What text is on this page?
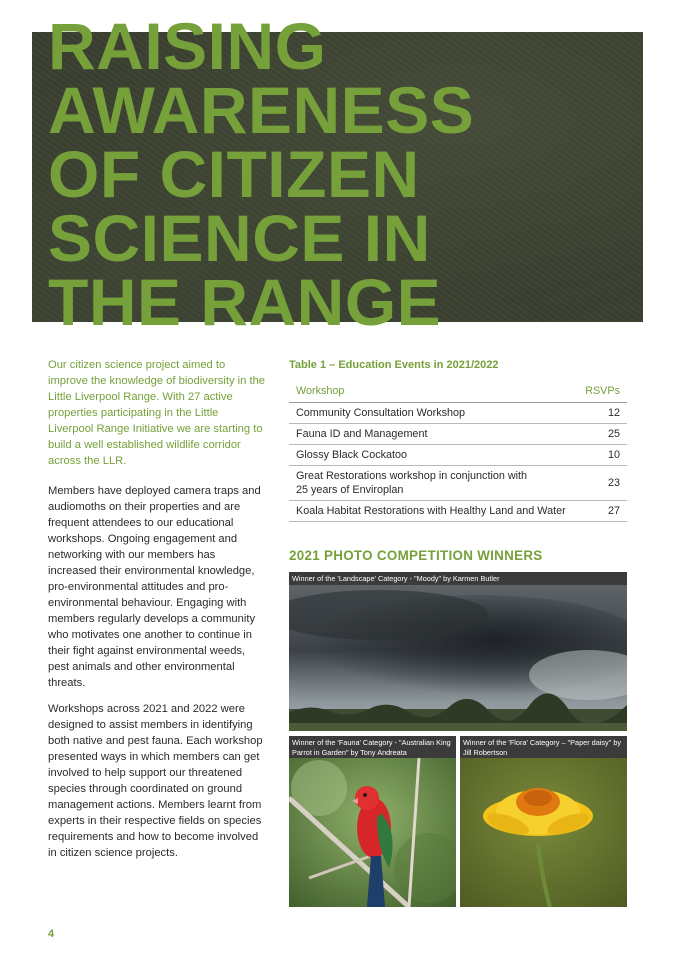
RAISING
AWARENESS
OF CITIZEN
SCIENCE IN
THE RANGE

Our citizen science project aimed to improve the knowledge of biodiversity in the Little Liverpool Range. With 27 active properties participating in the Little Liverpool Range Initiative we are starting to build a well established wildlife corridor across the LLR.

Members have deployed camera traps and audiomoths on their properties and are frequent attendees to our educational workshops. Ongoing engagement and networking with our members has increased their environmental knowledge, pro-environmental attitudes and pro-environmental behaviour. Engaging with members regularly develops a community who motivates one another to continue in their fight against environmental weeds, pest animals and other environmental threats.

Workshops across 2021 and 2022 were designed to assist members in identifying both native and pest fauna. Each workshop presented ways in which members can get involved to help support our threatened species through coordinated on ground management actions. Members learnt from experts in their respective fields on species requirements and how to become involved in citizen science projects.

Table 1 – Education Events in 2021/2022

Workshop	RSVPs
Community Consultation Workshop	12
Fauna ID and Management	25
Glossy Black Cockatoo	10
Great Restorations workshop in conjunction with
25 years of Enviroplan	23
Koala Habitat Restorations with Healthy Land and Water	27
2021 PHOTO COMPETITION WINNERS
Winner of the 'Landscape' Category - "Moody" by Karmen Butler
Winner of the 'Fauna' Category - "Australian King Parrot in Garden" by Tony Andreata
Winner of the 'Flora' Category – "Paper daisy" by Jill Robertson
4
